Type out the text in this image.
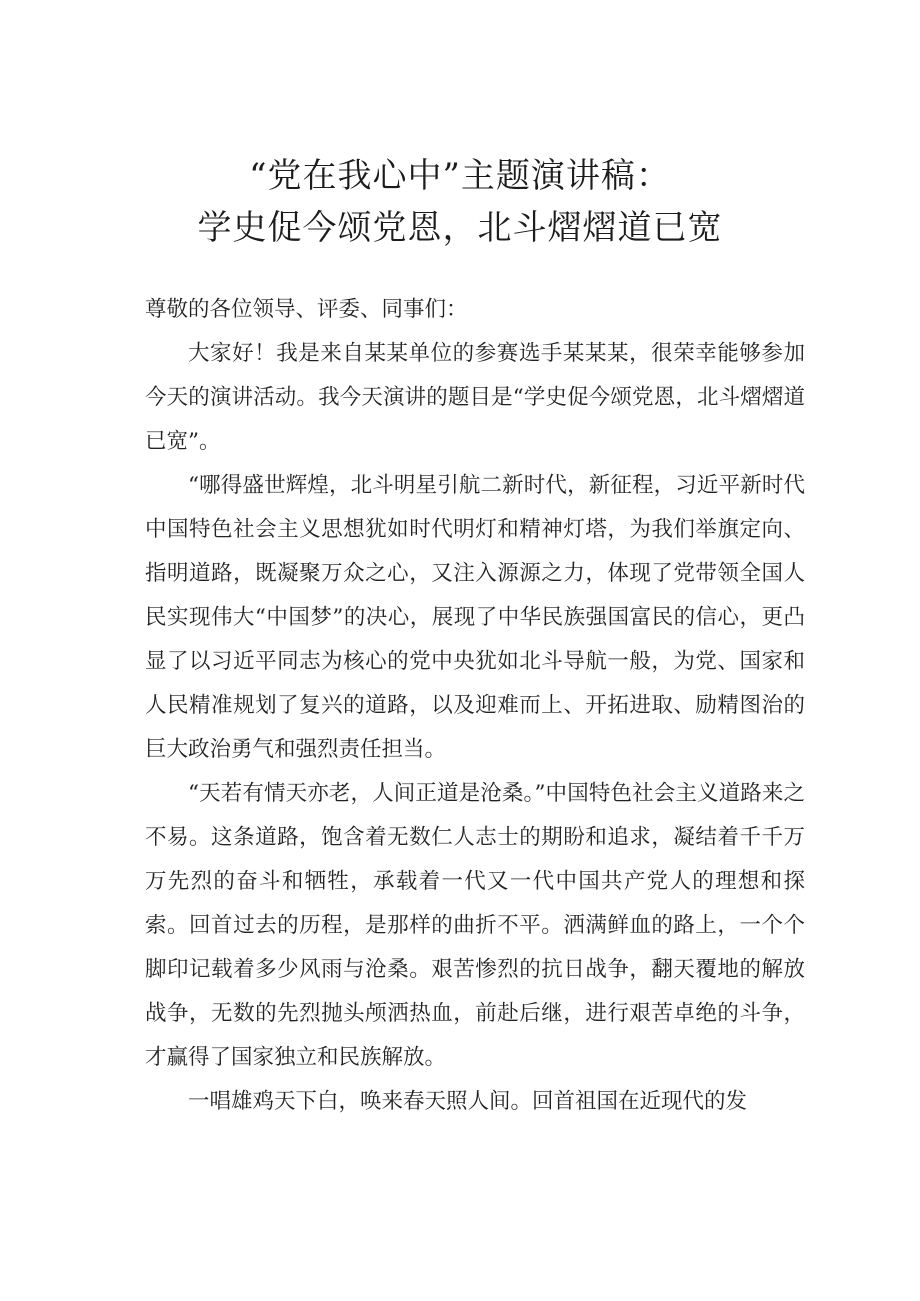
“党在我心中”主题演讲稿：
学史促今颂党恩，北斗熠熠道已宽

尊敬的各位领导、评委、同事们：

大家好！我是来自某某单位的参赛选手某某某，很荣幸能够参加今天的演讲活动。我今天演讲的题目是“学史促今颂党恩，北斗熠熠道已宽”。

“哪得盛世辉煌，北斗明星引航二新时代，新征程，习近平新时代中国特色社会主义思想犹如时代明灯和精神灯塔，为我们举旗定向、指明道路，既凝聚万众之心，又注入源源之力，体现了党带领全国人民实现伟大“中国梦”的决心，展现了中华民族强国富民的信心，更凸显了以习近平同志为核心的党中央犹如北斗导航一般，为党、国家和人民精准规划了复兴的道路，以及迎难而上、开拓进取、励精图治的巨大政治勇气和强烈责任担当。

“天若有情天亦老，人间正道是沧桑。”中国特色社会主义道路来之不易。这条道路，饱含着无数仁人志士的期盼和追求，凝结着千千万万先烈的奋斗和牺牲，承载着一代又一代中国共产党人的理想和探索。回首过去的历程，是那样的曲折不平。洒满鲜血的路上，一个个脚印记载着多少风雨与沧桑。艰苦惨烈的抗日战争，翻天覆地的解放战争，无数的先烈抛头颅洒热血，前赴后继，进行艰苦卓绝的斗争，才赢得了国家独立和民族解放。

一唱雄鸡天下白，唤来春天照人间。回首祖国在近现代的发
